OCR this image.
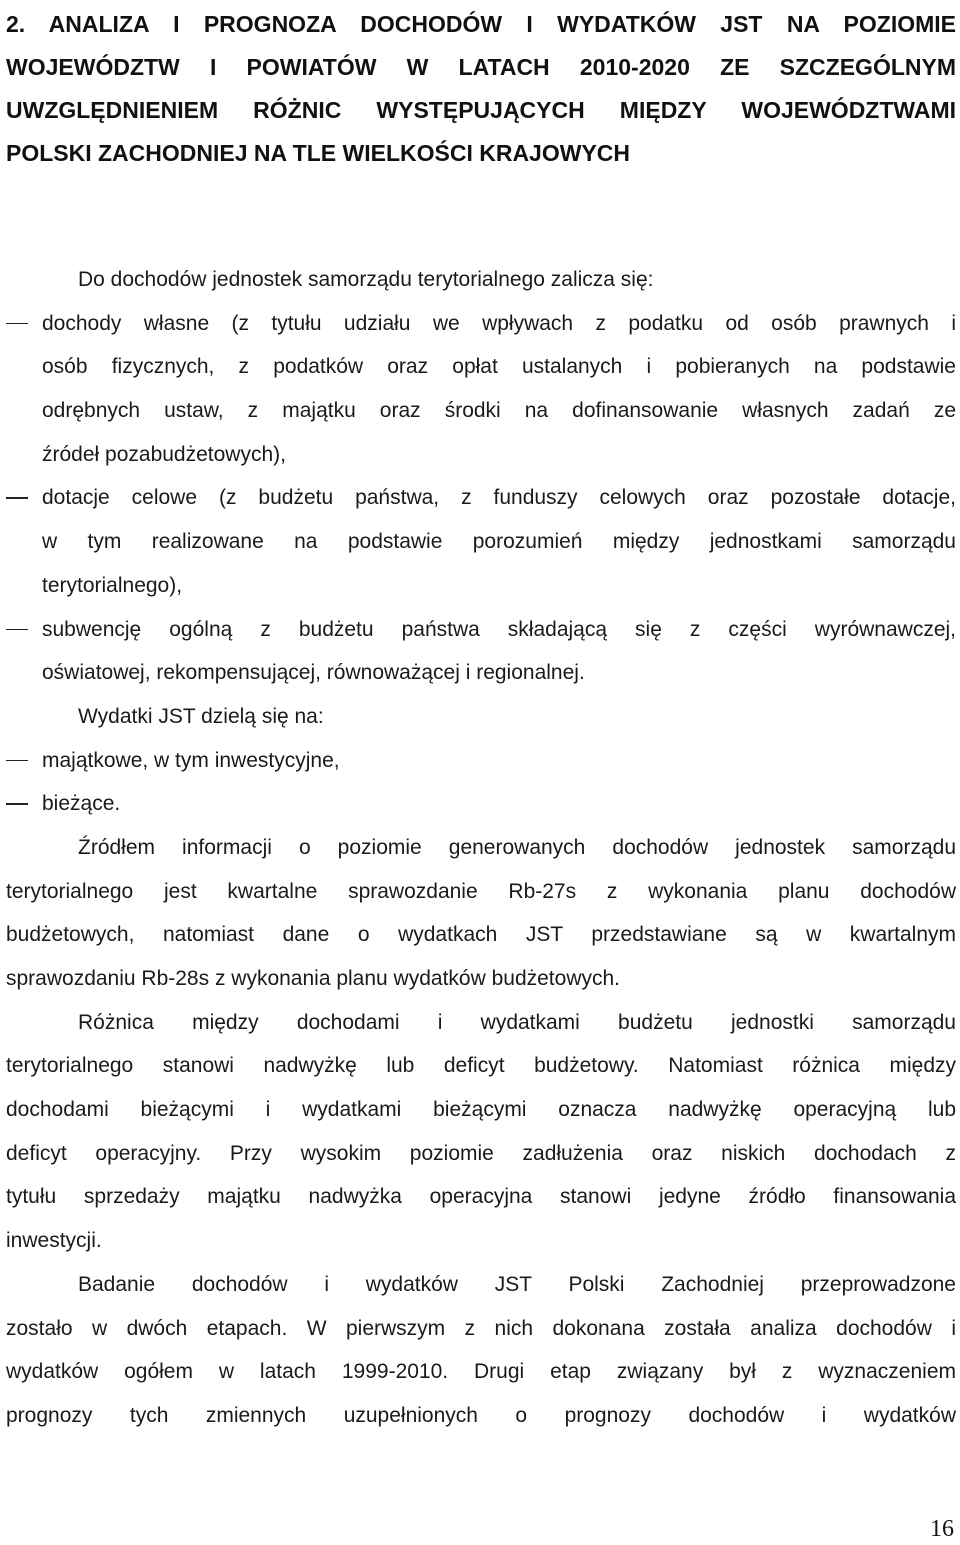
2. ANALIZA I PROGNOZA DOCHODÓW I WYDATKÓW JST NA POZIOMIE
WOJEWÓDZTW I POWIATÓW W LATACH 2010-2020 ZE SZCZEGÓLNYM
UWZGLĘDNIENIEM RÓŻNIC WYSTĘPUJĄCYCH MIĘDZY WOJEWÓDZTWAMI
POLSKI ZACHODNIEJ NA TLE WIELKOŚCI KRAJOWYCH
Do dochodów jednostek samorządu terytorialnego zalicza się:
dochody własne (z tytułu udziału we wpływach z podatku od osób prawnych i
osób fizycznych, z podatków oraz opłat ustalanych i pobieranych na podstawie
odrębnych ustaw, z majątku oraz środki na dofinansowanie własnych zadań ze
źródeł pozabudżetowych),
dotacje celowe (z budżetu państwa, z funduszy celowych oraz pozostałe dotacje,
w tym realizowane na podstawie porozumień między jednostkami samorządu
terytorialnego),
subwencję ogólną z budżetu państwa składającą się z części wyrównawczej,
oświatowej, rekompensującej, równoważącej i regionalnej.
Wydatki JST dzielą się na:
majątkowe, w tym inwestycyjne,
bieżące.
Źródłem informacji o poziomie generowanych dochodów jednostek samorządu
terytorialnego jest kwartalne sprawozdanie Rb-27s z wykonania planu dochodów
budżetowych, natomiast dane o wydatkach JST przedstawiane są w kwartalnym
sprawozdaniu Rb-28s z wykonania planu wydatków budżetowych.
Różnica między dochodami i wydatkami budżetu jednostki samorządu
terytorialnego stanowi nadwyżkę lub deficyt budżetowy. Natomiast różnica między
dochodami bieżącymi i wydatkami bieżącymi oznacza nadwyżkę operacyjną lub
deficyt operacyjny. Przy wysokim poziomie zadłużenia oraz niskich dochodach z
tytułu sprzedaży majątku nadwyżka operacyjna stanowi jedyne źródło finansowania
inwestycji.
Badanie dochodów i wydatków JST Polski Zachodniej przeprowadzone
zostało w dwóch etapach. W pierwszym z nich dokonana została analiza dochodów i
wydatków ogółem w latach 1999-2010. Drugi etap związany był z wyznaczeniem
prognozy tych zmiennych uzupełnionych o prognozy dochodów i wydatków
16
